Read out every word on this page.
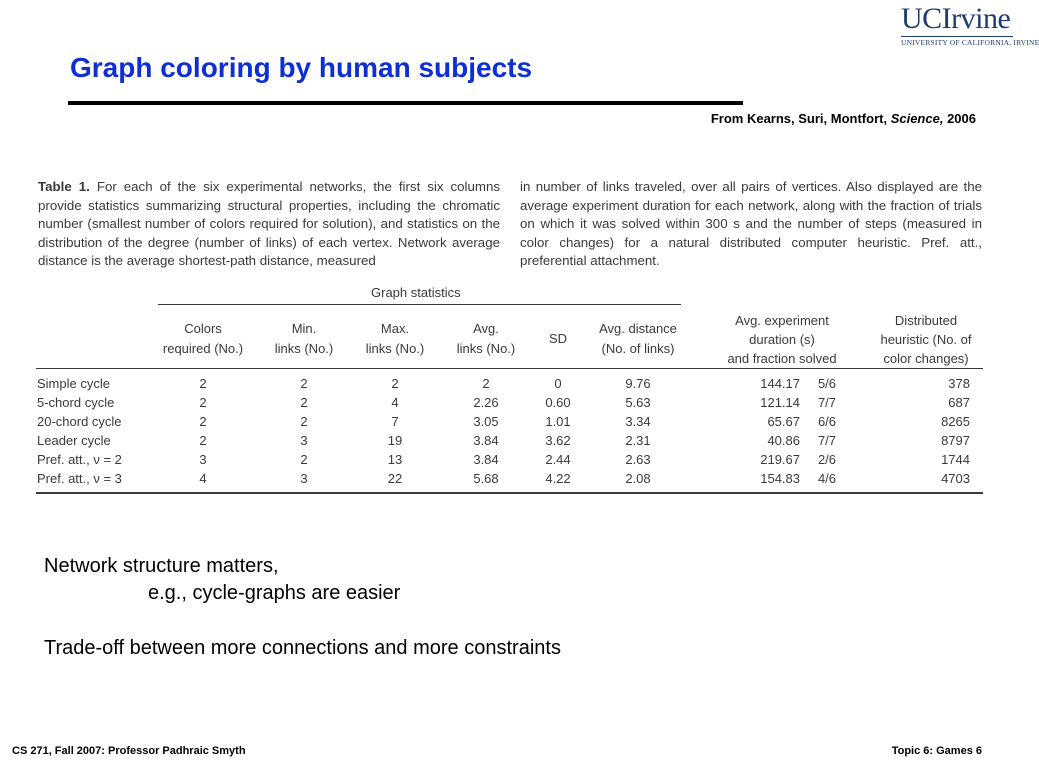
UCIrvine
UNIVERSITY OF CALIFORNIA, IRVINE
Graph coloring by human subjects
From Kearns, Suri, Montfort, Science, 2006
Table 1. For each of the six experimental networks, the first six columns provide statistics summarizing structural properties, including the chromatic number (smallest number of colors required for solution), and statistics on the distribution of the degree (number of links) of each vertex. Network average distance is the average shortest-path distance, measured
in number of links traveled, over all pairs of vertices. Also displayed are the average experiment duration for each network, along with the fraction of trials on which it was solved within 300 s and the number of steps (measured in color changes) for a natural distributed computer heuristic. Pref. att., preferential attachment.
Graph statistics
Colors
required (No.)
Min.
links (No.)
Max.
links (No.)
Avg.
links (No.)
SD
Avg. distance
(No. of links)
Avg. experiment
duration (s)
and fraction solved
Distributed
heuristic (No. of
color changes)
Simple cycle	2	2	2	2	0	9.76	144.17	5/6	378
5-chord cycle	2	2	4	2.26	0.60	5.63	121.14	7/7	687
20-chord cycle	2	2	7	3.05	1.01	3.34	65.67	6/6	8265
Leader cycle	2	3	19	3.84	3.62	2.31	40.86	7/7	8797
Pref. att., ν = 2	3	2	13	3.84	2.44	2.63	219.67	2/6	1744
Pref. att., ν = 3	4	3	22	5.68	4.22	2.08	154.83	4/6	4703
Network structure matters,
e.g., cycle-graphs are easier
Trade-off between more connections and more constraints
CS 271, Fall 2007: Professor Padhraic Smyth	Topic 6: Games 6
